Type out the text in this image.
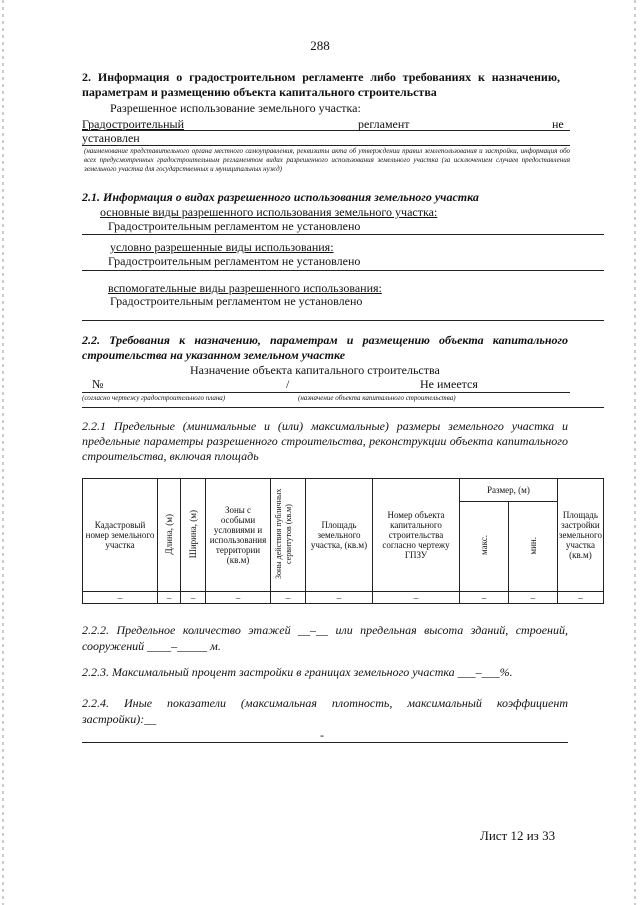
288
2. Информация о градостроительном регламенте либо требованиях к назначению, параметрам и размещению объекта капитального строительства
Разрешенное использование земельного участка:
Градостроительный	регламент	не
установлен
(наименование представительного органа местного самоуправления, реквизиты акта об утверждении правил землепользования и застройки, информация обо всех предусмотренных градостроительным регламентом видах разрешенного использования земельного участка (за исключением случаев предоставления земельного участка для государственных и муниципальных нужд)
2.1. Информация о видах разрешенного использования земельного участка
основные виды разрешенного использования земельного участка:
Градостроительным регламентом не установлено
условно разрешенные виды использования:
Градостроительным регламентом не установлено
вспомогательные виды разрешенного использования:
Градостроительным регламентом не установлено
2.2. Требования к назначению, параметрам и размещению объекта капитального строительства на указанном земельном участке
Назначение объекта капитального строительства
№	/	Не имеется
(согласно чертежу градостроительного плана)	(назначение объекта капитального строительства)
2.2.1 Предельные (минимальные и (или) максимальные) размеры земельного участка и предельные параметры разрешенного строительства, реконструкции объекта капитального строительства, включая площадь
Кадастровый номер земельного участка	Длина, (м)	Ширина, (м)	Зоны с особыми условиями и использования территории (кв.м)	Зоны действия публичных сервитутов (кв.м)	Площадь земельного участка, (кв.м)	Номер объекта капитального строительства согласно чертежу ГПЗУ	Размер, (м)		Площадь застройки земельного участка (кв.м)
							макс.	мин.	
–	–	–	–	–	–	–	–	–	–
2.2.2. Предельное количество этажей __–__ или предельная высота зданий, строений, сооружений ____–_____ м.
2.2.3. Максимальный процент застройки в границах земельного участка ___–___%.
2.2.4. Иные показатели (максимальная плотность, максимальный коэффициент застройки):__
-
Лист 12 из 33
